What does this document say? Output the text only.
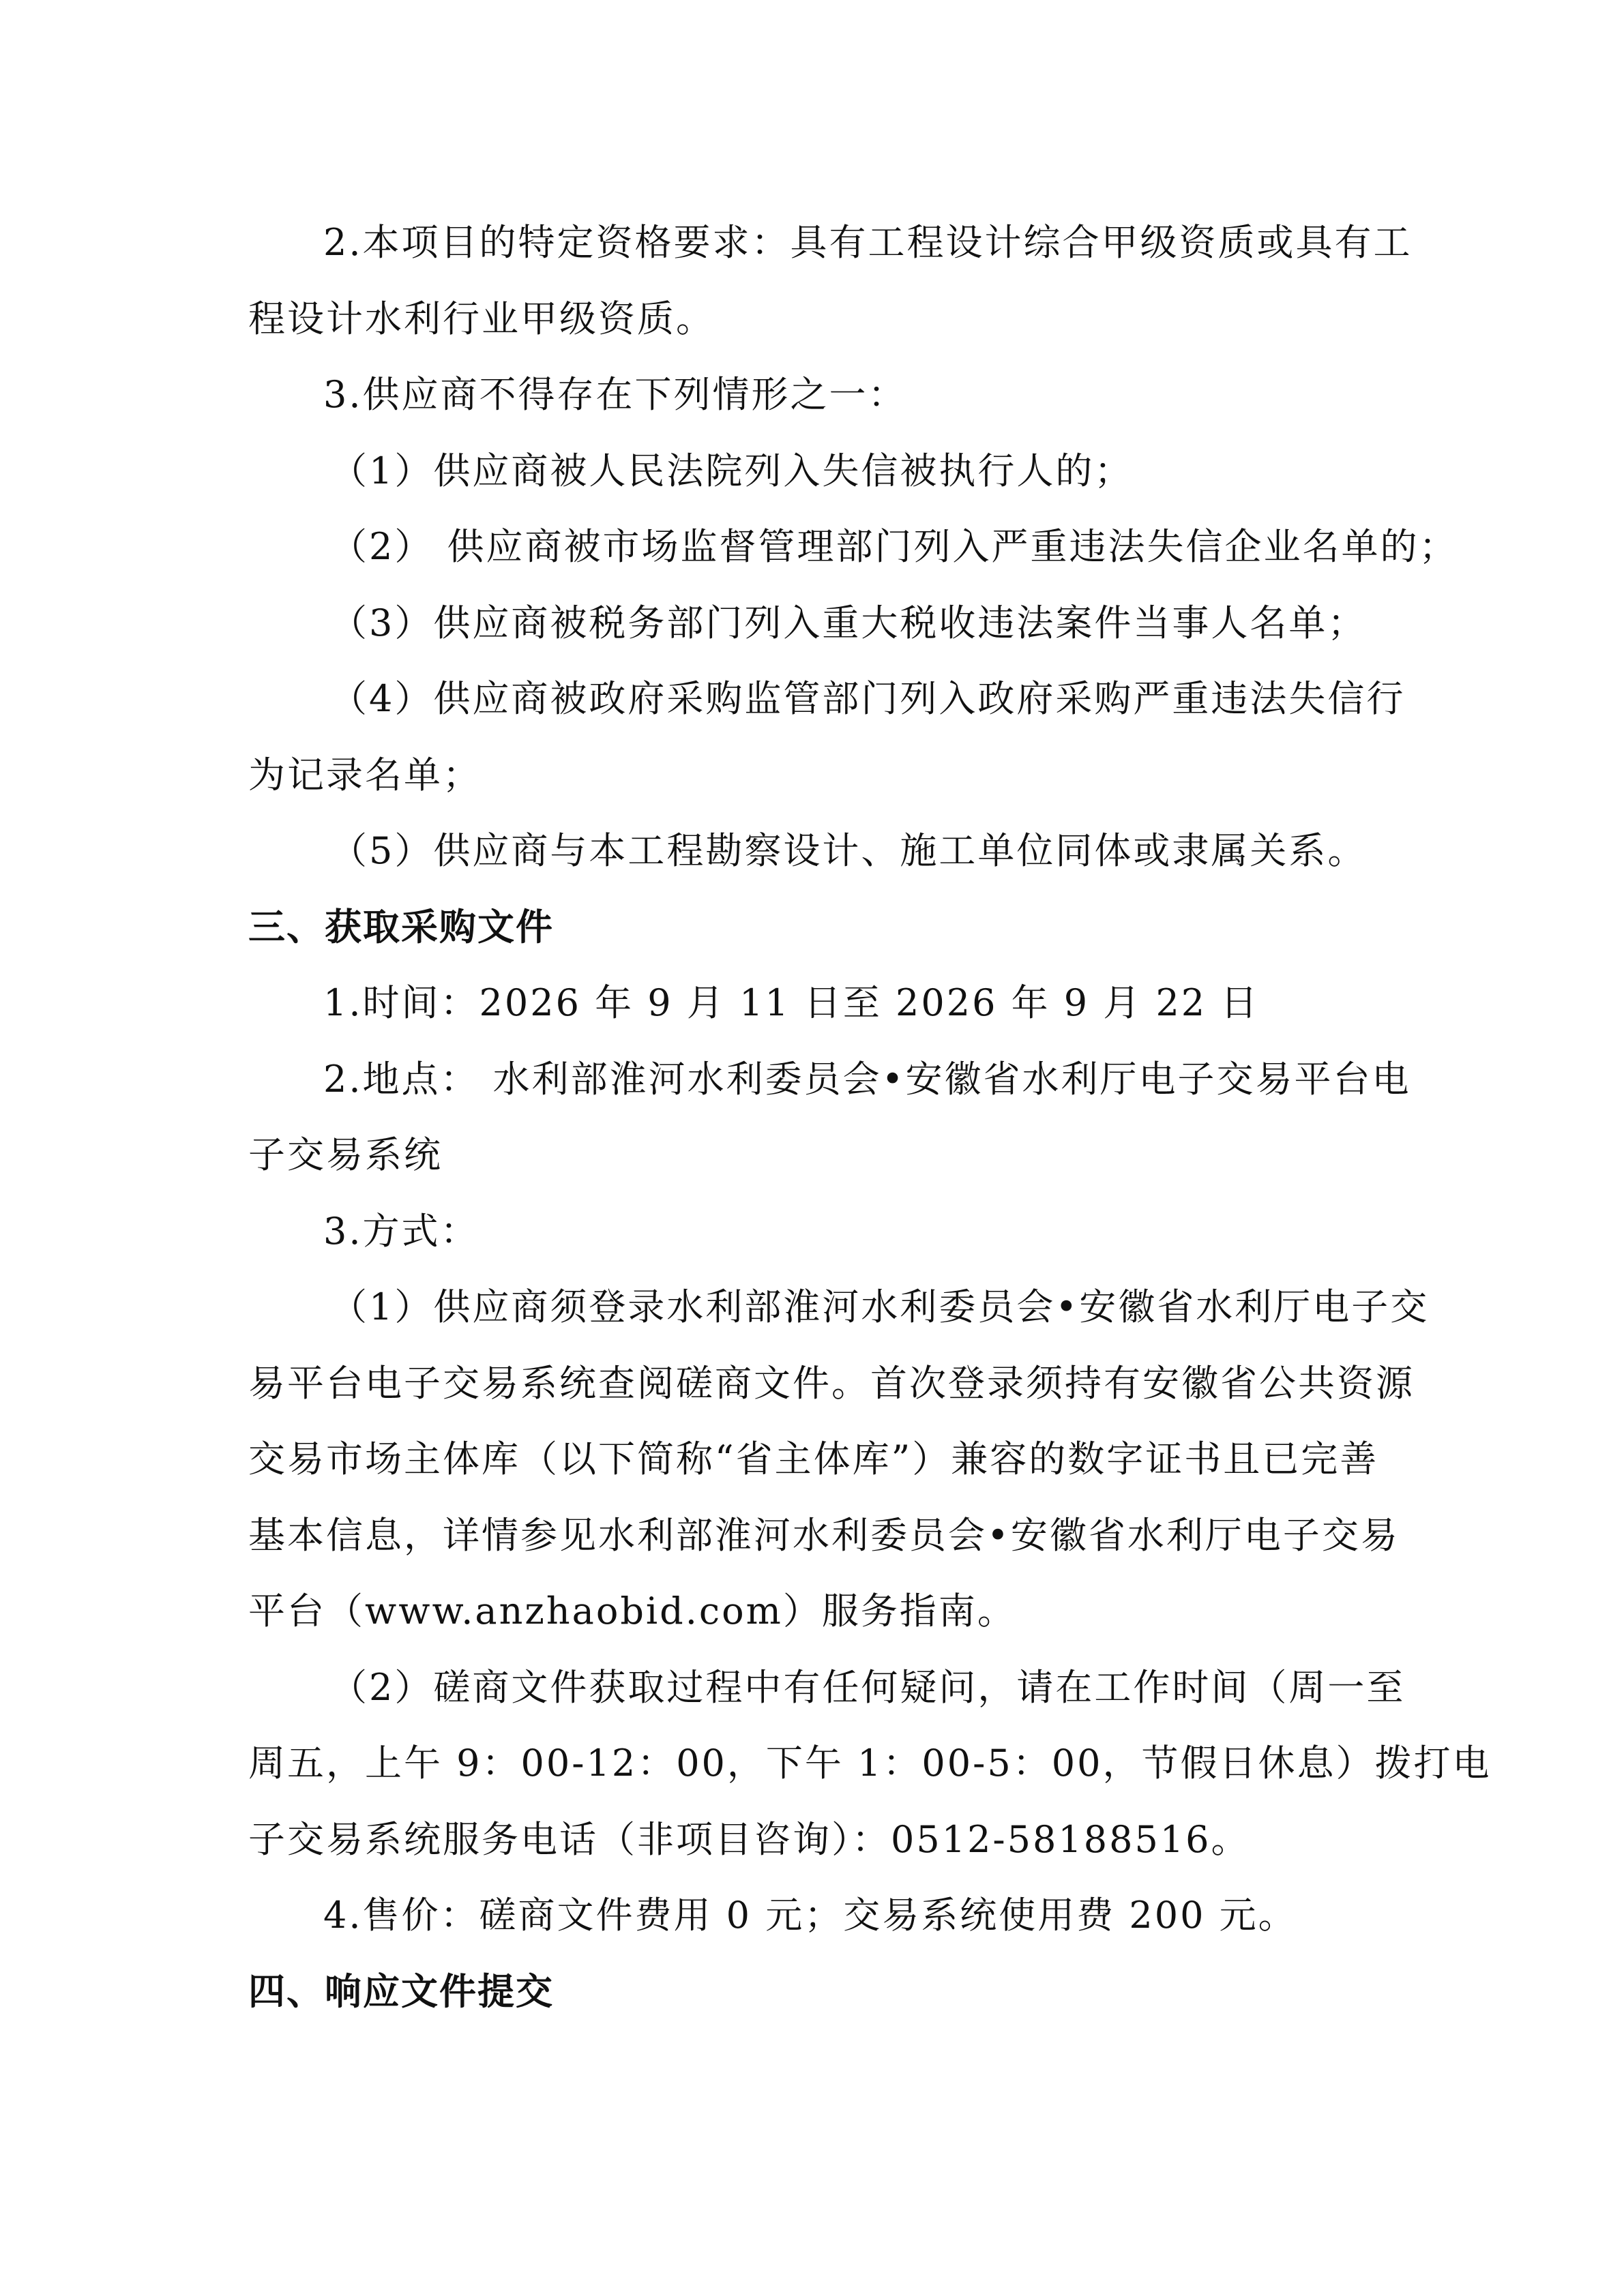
2.本项目的特定资格要求：具有工程设计综合甲级资质或具有工
程设计水利行业甲级资质。
3.供应商不得存在下列情形之一：
（1）供应商被人民法院列入失信被执行人的；
（2） 供应商被市场监督管理部门列入严重违法失信企业名单的；
（3）供应商被税务部门列入重大税收违法案件当事人名单；
（4）供应商被政府采购监管部门列入政府采购严重违法失信行
为记录名单；
（5）供应商与本工程勘察设计、施工单位同体或隶属关系。
三、获取采购文件
1.时间：2026 年 9 月 11 日至 2026 年 9 月 22 日
2.地点： 水利部淮河水利委员会•安徽省水利厅电子交易平台电
子交易系统
3.方式：
（1）供应商须登录水利部淮河水利委员会•安徽省水利厅电子交
易平台电子交易系统查阅磋商文件。首次登录须持有安徽省公共资源
交易市场主体库（以下简称“省主体库”）兼容的数字证书且已完善
基本信息，详情参见水利部淮河水利委员会•安徽省水利厅电子交易
平台（www.anzhaobid.com）服务指南。
（2）磋商文件获取过程中有任何疑问，请在工作时间（周一至
周五，上午 9：00-12：00，下午 1：00-5：00，节假日休息）拨打电
子交易系统服务电话（非项目咨询）：0512-58188516。
4.售价：磋商文件费用 0 元；交易系统使用费 200 元。
四、响应文件提交
